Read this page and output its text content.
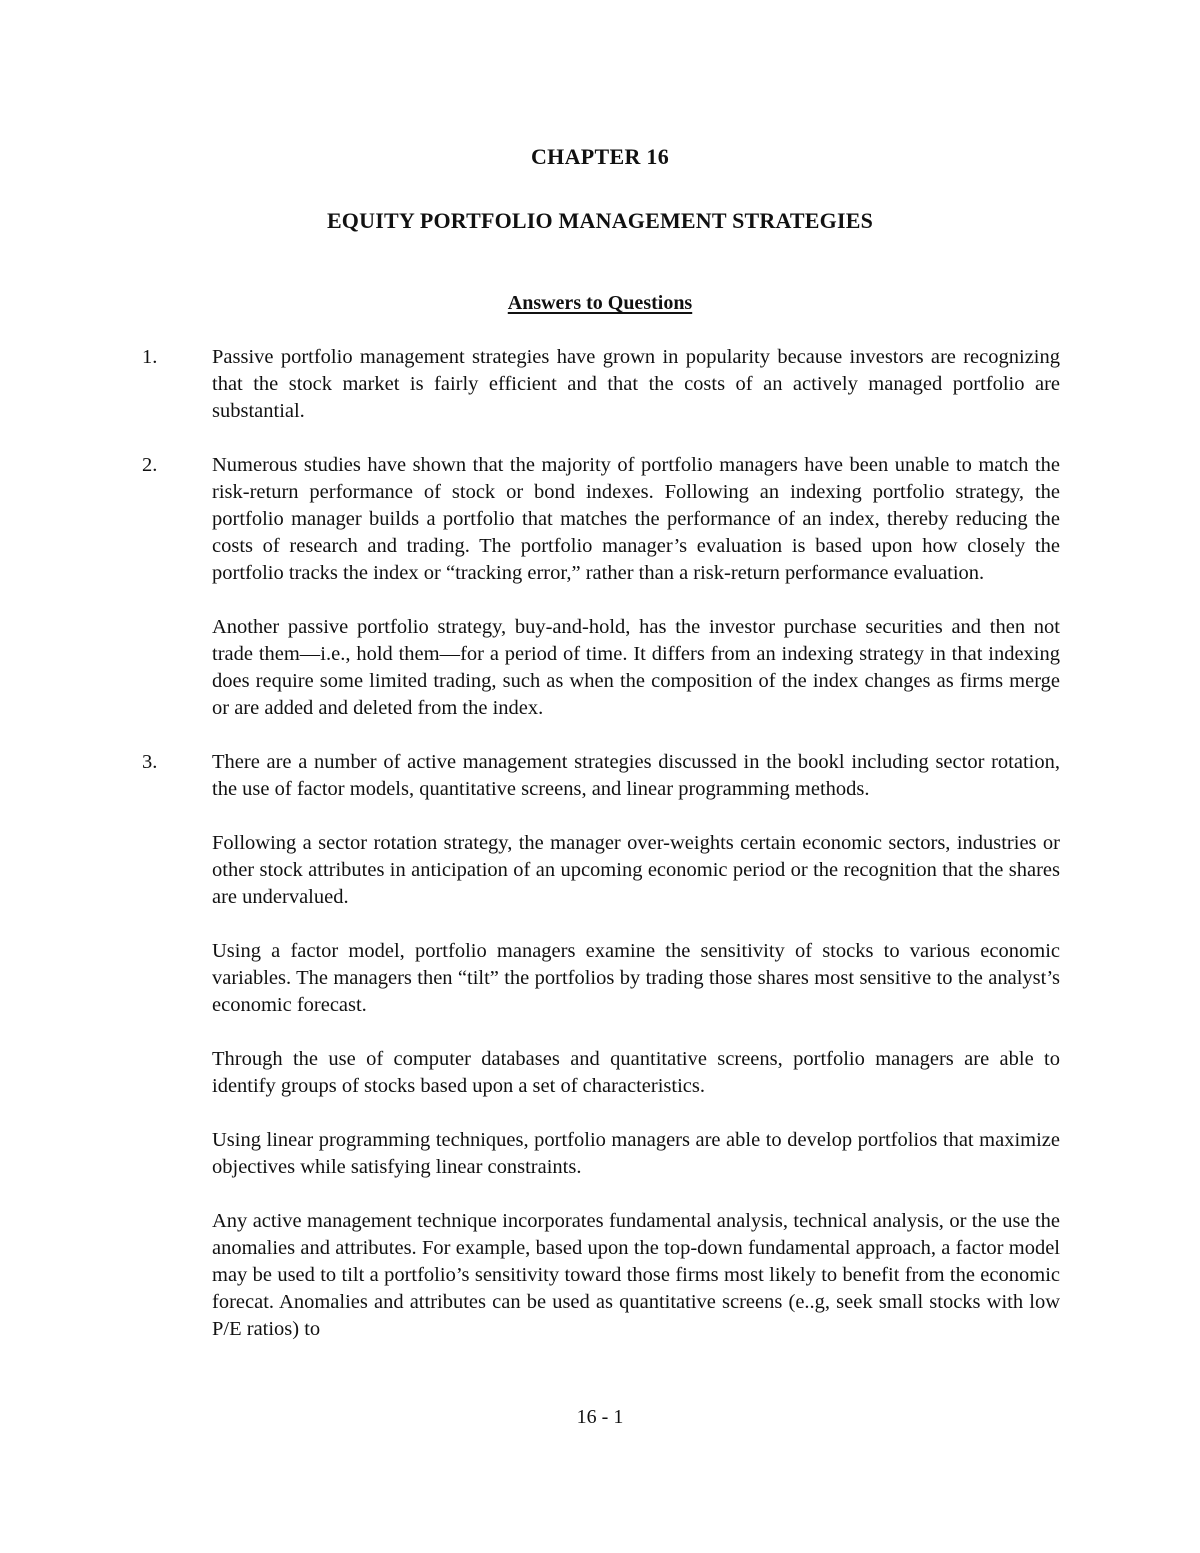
CHAPTER 16
EQUITY PORTFOLIO MANAGEMENT STRATEGIES
Answers to Questions
1.	Passive portfolio management strategies have grown in popularity because investors are recognizing that the stock market is fairly efficient and that the costs of an actively managed portfolio are substantial.
2.	Numerous studies have shown that the majority of portfolio managers have been unable to match the risk-return performance of stock or bond indexes. Following an indexing portfolio strategy, the portfolio manager builds a portfolio that matches the performance of an index, thereby reducing the costs of research and trading. The portfolio manager’s evaluation is based upon how closely the portfolio tracks the index or “tracking error,” rather than a risk-return performance evaluation.
Another passive portfolio strategy, buy-and-hold, has the investor purchase securities and then not trade them—i.e., hold them—for a period of time. It differs from an indexing strategy in that indexing does require some limited trading, such as when the composition of the index changes as firms merge or are added and deleted from the index.
3.	There are a number of active management strategies discussed in the bookl including sector rotation, the use of factor models, quantitative screens, and linear programming methods.
Following a sector rotation strategy, the manager over-weights certain economic sectors, industries or other stock attributes in anticipation of an upcoming economic period or the recognition that the shares are undervalued.
Using a factor model, portfolio managers examine the sensitivity of stocks to various economic variables. The managers then “tilt” the portfolios by trading those shares most sensitive to the analyst’s economic forecast.
Through the use of computer databases and quantitative screens, portfolio managers are able to identify groups of stocks based upon a set of characteristics.
Using linear programming techniques, portfolio managers are able to develop portfolios that maximize objectives while satisfying linear constraints.
Any active management technique incorporates fundamental analysis, technical analysis, or the use the anomalies and attributes. For example, based upon the top-down fundamental approach, a factor model may be used to tilt a portfolio’s sensitivity toward those firms most likely to benefit from the economic forecat. Anomalies and attributes can be used as quantitative screens (e..g, seek small stocks with low P/E ratios) to
16 - 1
